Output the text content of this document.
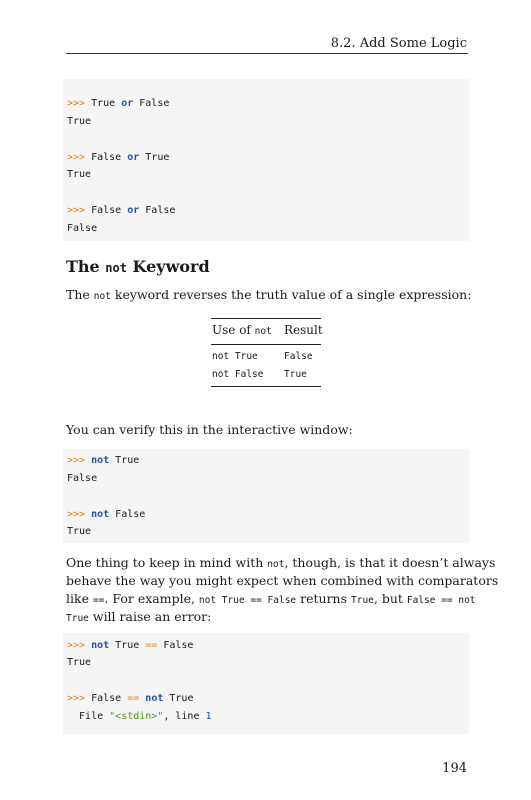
8.2. Add Some Logic
>>> True or False
True
>>> False or True
True
>>> False or False
False
The not Keyword
The not keyword reverses the truth value of a single expression:
Use of not Result
not True	False
not False True
You can verify this in the interactive window:
>>> not True
False
>>> not False
True
One thing to keep in mind with not, though, is that it doesn’t always
behave the way you might expect when combined with comparators
like ==. For example, not True == False returns True, but False == not
True will raise an error:
>>> not True == False
True
>>> False == not True
File "<stdin>", line 1
194
